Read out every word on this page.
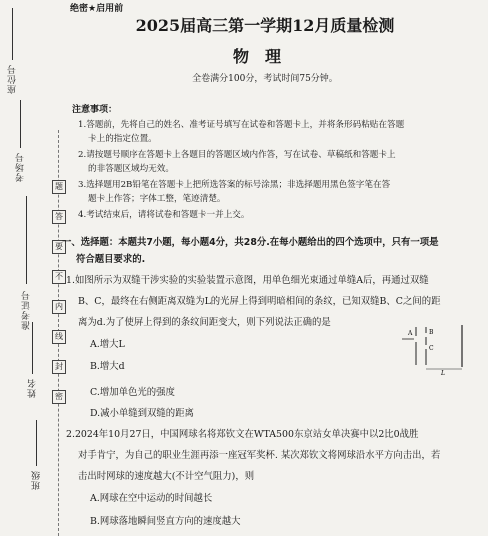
座位号
考场号
准考证号
姓名
班级
题
答
要
不
内
线
封
密
绝密★启用前
2025届高三第一学期12月质量检测
物理
全卷满分100分，考试时间75分钟。
注意事项：
1.答题前，先将自己的姓名、准考证号填写在试卷和答题卡上，并将条形码粘贴在答题
卡上的指定位置。
2.请按题号顺序在答题卡上各题目的答题区域内作答，写在试卷、草稿纸和答题卡上
的非答题区域均无效。
3.选择题用2B铅笔在答题卡上把所选答案的标号涂黑；非选择题用黑色签字笔在答
题卡上作答；字体工整，笔迹清楚。
4.考试结束后，请将试卷和答题卡一并上交。
一、选择题：本题共7小题，每小题4分，共28分.在每小题给出的四个选项中，只有一项是
符合题目要求的.
1.如图所示为双缝干涉实验的实验装置示意图，用单色细光束通过单缝A后，再通过双缝
B、C，最终在右侧距离双缝为L的光屏上得到明暗相间的条纹，已知双缝B、C之间的距
离为d.为了使屏上得到的条纹间距变大，则下列说法正确的是
A.增大L
B.增大d
C.增加单色光的强度
D.减小单缝到双缝的距离
A	B
C
L
2.2024年10月27日，中国网球名将郑钦文在WTA500东京站女单决赛中以2比0战胜
对手肯宁，为自己的职业生涯再添一座冠军奖杯. 某次郑钦文将网球沿水平方向击出，若
击出时网球的速度越大(不计空气阻力)，则
A.网球在空中运动的时间越长
B.网球落地瞬间竖直方向的速度越大
